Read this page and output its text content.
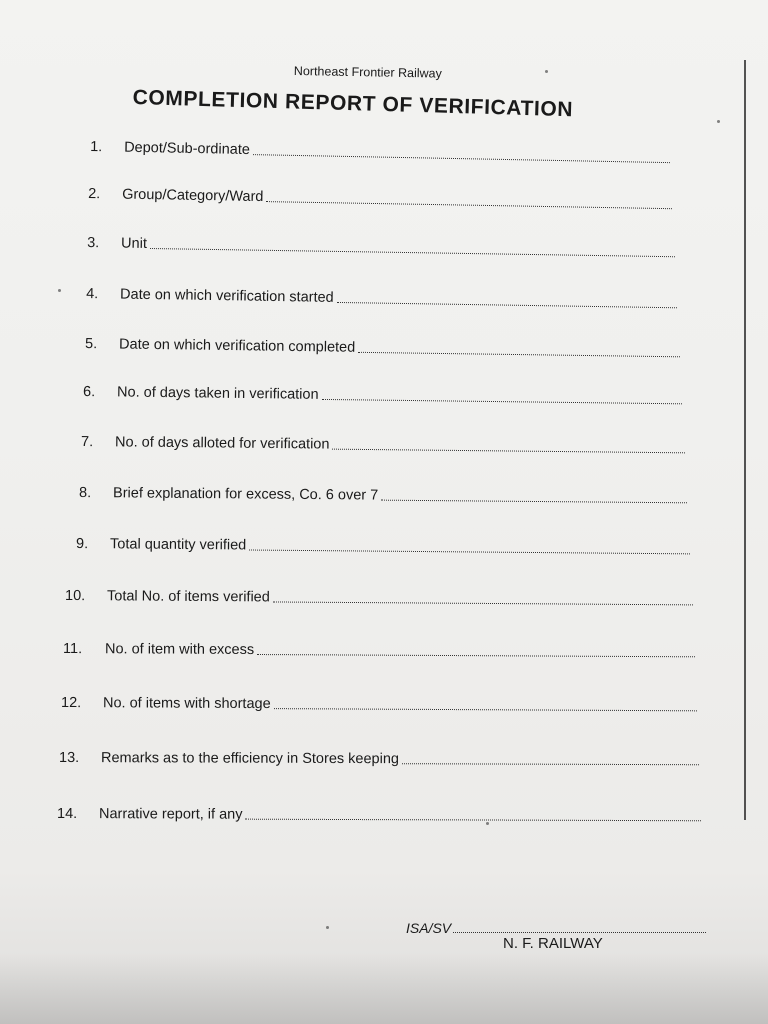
Northeast Frontier Railway
COMPLETION REPORT OF VERIFICATION
1.	Depot/Sub-ordinate
2.	Group/Category/Ward
3.	Unit
4.	Date on which verification started
5.	Date on which verification completed
6.	No. of days taken in verification
7.	No. of days alloted for verification
8.	Brief explanation for excess, Co. 6 over 7
9.	Total quantity verified
10.	Total No. of items verified
11.	No. of item with excess
12.	No. of items with shortage
13.	Remarks as to the efficiency in Stores keeping
14.	Narrative report, if any
ISA/SV
N. F. RAILWAY
